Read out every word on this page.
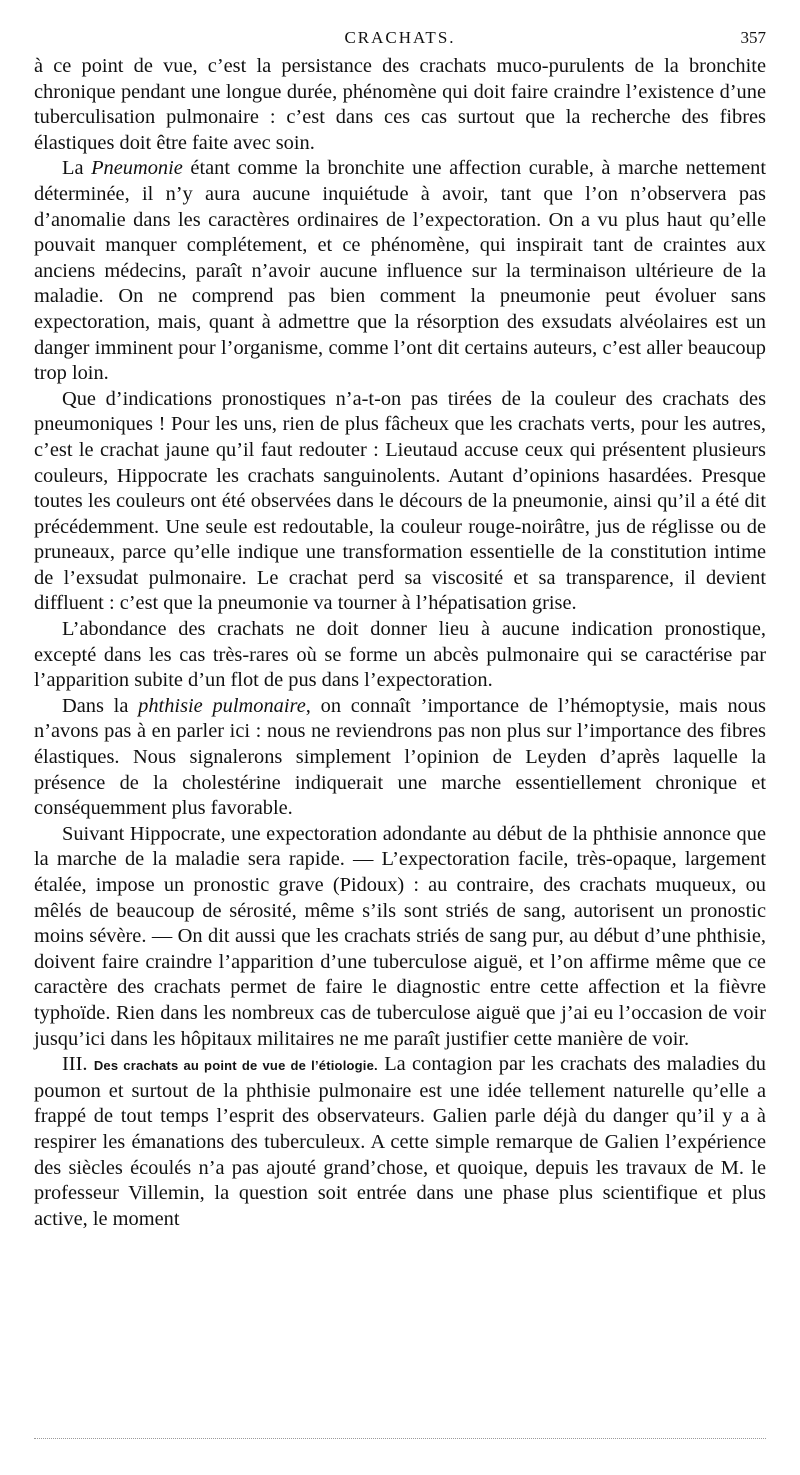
CRACHATS.	357

à ce point de vue, c’est la persistance des crachats muco-purulents de la bronchite chronique pendant une longue durée, phénomène qui doit faire craindre l’existence d’une tuberculisation pulmonaire : c’est dans ces cas surtout que la recherche des fibres élastiques doit être faite avec soin.

La Pneumonie étant comme la bronchite une affection curable, à marche nettement déterminée, il n’y aura aucune inquiétude à avoir, tant que l’on n’observera pas d’anomalie dans les caractères ordinaires de l’expectoration. On a vu plus haut qu’elle pouvait manquer complétement, et ce phénomène, qui inspirait tant de craintes aux anciens médecins, paraît n’avoir aucune influence sur la terminaison ultérieure de la maladie. On ne comprend pas bien comment la pneumonie peut évoluer sans expectoration, mais, quant à admettre que la résorption des exsudats alvéolaires est un danger imminent pour l’organisme, comme l’ont dit certains auteurs, c’est aller beaucoup trop loin.

Que d’indications pronostiques n’a-t-on pas tirées de la couleur des crachats des pneumoniques ! Pour les uns, rien de plus fâcheux que les crachats verts, pour les autres, c’est le crachat jaune qu’il faut redouter : Lieutaud accuse ceux qui présentent plusieurs couleurs, Hippocrate les crachats sanguinolents. Autant d’opinions hasardées. Presque toutes les couleurs ont été observées dans le décours de la pneumonie, ainsi qu’il a été dit précédemment. Une seule est redoutable, la couleur rouge-noirâtre, jus de réglisse ou de pruneaux, parce qu’elle indique une transformation essentielle de la constitution intime de l’exsudat pulmonaire. Le crachat perd sa viscosité et sa transparence, il devient diffluent : c’est que la pneumonie va tourner à l’hépatisation grise.

L’abondance des crachats ne doit donner lieu à aucune indication pronostique, excepté dans les cas très-rares où se forme un abcès pulmonaire qui se caractérise par l’apparition subite d’un flot de pus dans l’expectoration.

Dans la phthisie pulmonaire, on connaît ’importance de l’hémoptysie, mais nous n’avons pas à en parler ici : nous ne reviendrons pas non plus sur l’importance des fibres élastiques. Nous signalerons simplement l’opinion de Leyden d’après laquelle la présence de la cholestérine indiquerait une marche essentiellement chronique et conséquemment plus favorable.

Suivant Hippocrate, une expectoration adondante au début de la phthisie annonce que la marche de la maladie sera rapide. — L’expectoration facile, très-opaque, largement étalée, impose un pronostic grave (Pidoux) : au contraire, des crachats muqueux, ou mêlés de beaucoup de sérosité, même s’ils sont striés de sang, autorisent un pronostic moins sévère. — On dit aussi que les crachats striés de sang pur, au début d’une phthisie, doivent faire craindre l’apparition d’une tuberculose aiguë, et l’on affirme même que ce caractère des crachats permet de faire le diagnostic entre cette affection et la fièvre typhoïde. Rien dans les nombreux cas de tuberculose aiguë que j’ai eu l’occasion de voir jusqu’ici dans les hôpitaux militaires ne me paraît justifier cette manière de voir.

III. Des crachats au point de vue de l’étiologie. La contagion par les crachats des maladies du poumon et surtout de la phthisie pulmonaire est une idée tellement naturelle qu’elle a frappé de tout temps l’esprit des observateurs. Galien parle déjà du danger qu’il y a à respirer les émanations des tuberculeux. A cette simple remarque de Galien l’expérience des siècles écoulés n’a pas ajouté grand’chose, et quoique, depuis les travaux de M. le professeur Villemin, la question soit entrée dans une phase plus scientifique et plus active, le moment
